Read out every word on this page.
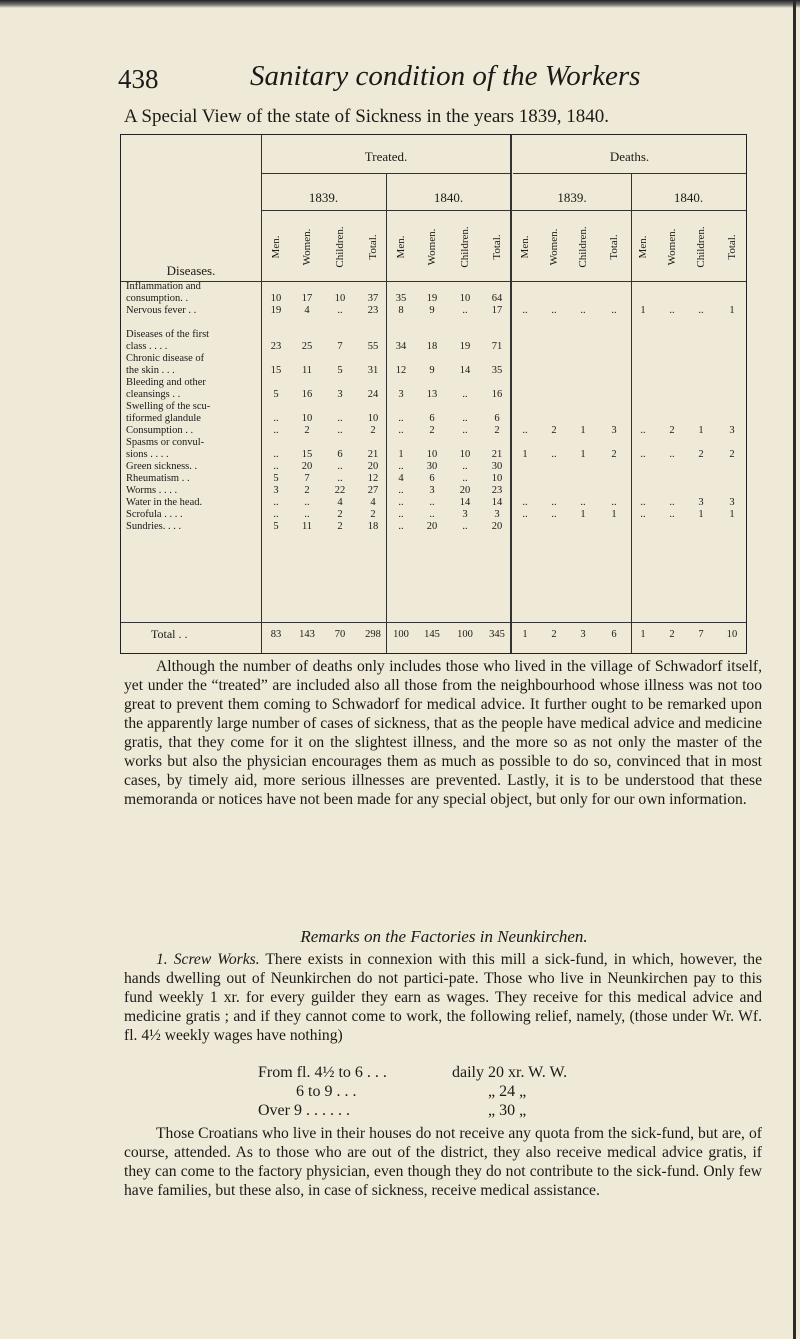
438	Sanitary condition of the Workers
A Special View of the state of Sickness in the years 1839, 1840.
Diseases.
Treated.	Deaths.
1839.	1840.	1839.	1840.
Men. Women. Children. Total. Men. Women. Children. Total. Men. Women. Children. Total. Men. Women. Children. Total.
Inflammation and
consumption. .	10 17 10 37 35 19 10 64
Nervous fever . .	19 4	.. 23 8 9	.. 17 .. .. .. .. 1 .. .. 1
Diseases of the first
class . . . .	23 25 7 55 34 18 19 71
Chronic disease of
the skin . . .	15 11 5 31 12 9 14 35
Bleeding and other
cleansings . .	5 16 3 24 3 13 .. 16
Swelling of the scu-
tiformed glandule	.. 10 .. 10 .. 6	..	6
Consumption . .	.. 2	..	2 .. 2	..	2 .. 2 1 3 .. 2 1 3
Spasms or convul-
sions . . . .	.. 15 6 21 1 10 10 21 1 .. 1 2 .. .. 2 2
Green sickness. .	.. 20 .. 20 .. 30 .. 30
Rheumatism . .	5 7	.. 12 4 6	.. 10
Worms . . . .	3 2 22 27 .. 3 20 23
Water in the head.	.. ..	4	4 .. .. 14 14 .. .. .. .. .. .. 3 3
Scrofula . . . .	.. ..	2	2 .. ..	3	3 .. .. 1 1 .. .. 1 1
Sundries. . . .	5 11 2 18 .. 20 .. 20
Total . .	83 143 70 298 100 145 100 345 1 2 3 6 1 2 7 10
Although the number of deaths only includes those who lived in the village of Schwadorf itself, yet under the “treated” are included also all those from the neighbourhood whose illness was not too great to prevent them coming to Schwadorf for medical advice. It further ought to be remarked upon the apparently large number of cases of sickness, that as the people have medical advice and medicine gratis, that they come for it on the slightest illness, and the more so as not only the master of the works but also the physician encourages them as much as possible to do so, convinced that in most cases, by timely aid, more serious illnesses are prevented. Lastly, it is to be understood that these memoranda or notices have not been made for any special object, but only for our own information.
Remarks on the Factories in Neunkirchen.
1. Screw Works. There exists in connexion with this mill a sick-fund, in which, however, the hands dwelling out of Neunkirchen do not partici-pate. Those who live in Neunkirchen pay to this fund weekly 1 xr. for every guilder they earn as wages. They receive for this medical advice and medicine gratis ; and if they cannot come to work, the following relief, namely, (those under Wr. Wf. fl. 4½ weekly wages have nothing)
From fl. 4½ to 6 . . .	daily 20 xr. W. W.
6 to 9 . . .	„ 24 „
Over 9 . . . . . .	„ 30 „
Those Croatians who live in their houses do not receive any quota from the sick-fund, but are, of course, attended. As to those who are out of the district, they also receive medical advice gratis, if they can come to the factory physician, even though they do not contribute to the sick-fund. Only few have families, but these also, in case of sickness, receive medical assistance.
